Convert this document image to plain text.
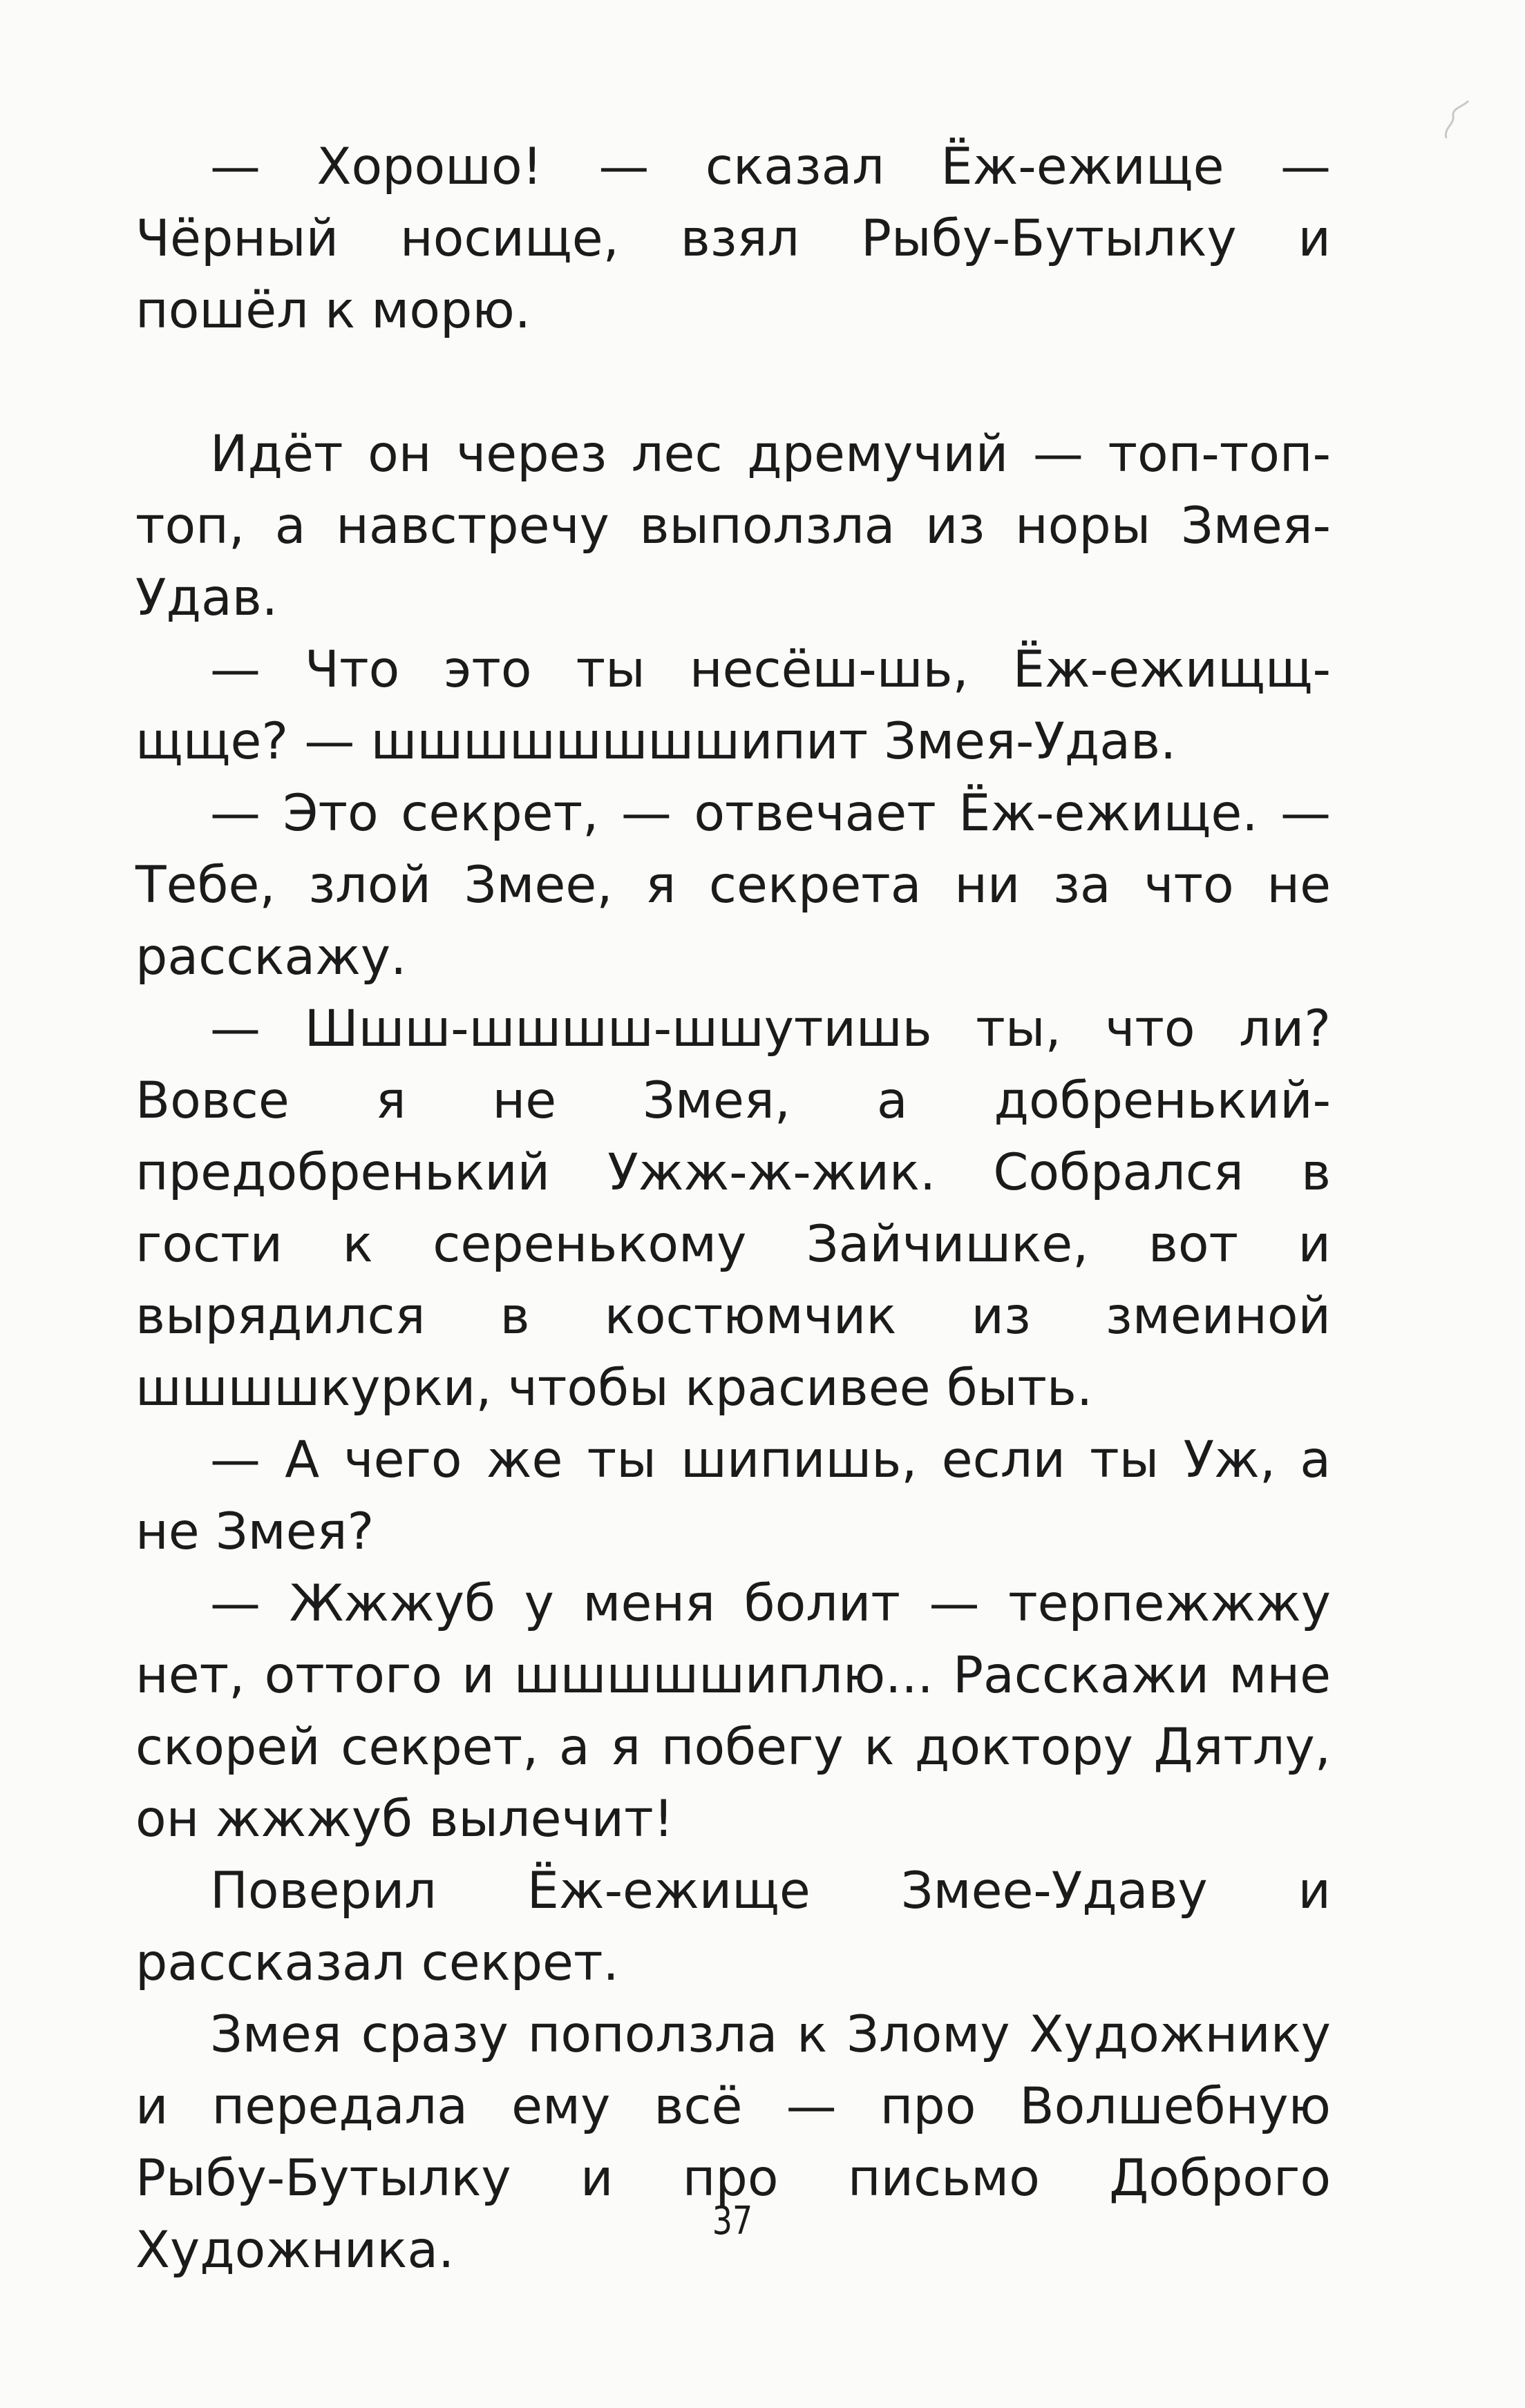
— Хорошо! — сказал Ёж-ежище — Чёрный носище, взял Рыбу-Бутылку и пошёл к морю.

Идёт он через лес дремучий — топ-топ-топ, а навстречу выползла из норы Змея-Удав.

— Что это ты несёш-шь, Ёж-ежищщ-щще? — шшшшшшшшипит Змея-Удав.

— Это секрет, — отвечает Ёж-ежище. — Тебе, злой Змее, я секрета ни за что не расскажу.

— Шшш-шшшш-шшутишь ты, что ли? Вовсе я не Змея, а добренький-предобренький Ужж-ж-жик. Собрался в гости к серенькому Зайчишке, вот и вырядился в костюмчик из змеиной шшшшкурки, чтобы красивее быть.

— А чего же ты шипишь, если ты Уж, а не Змея?

— Жжжуб у меня болит — терпежжжу нет, оттого и шшшшшиплю... Расскажи мне скорей секрет, а я побегу к доктору Дятлу, он жжжуб вылечит!

Поверил Ёж-ежище Змее-Удаву и рассказал секрет.

Змея сразу поползла к Злому Художнику и передала ему всё — про Волшебную Рыбу-Бутылку и про письмо Доброго Художника.	37
